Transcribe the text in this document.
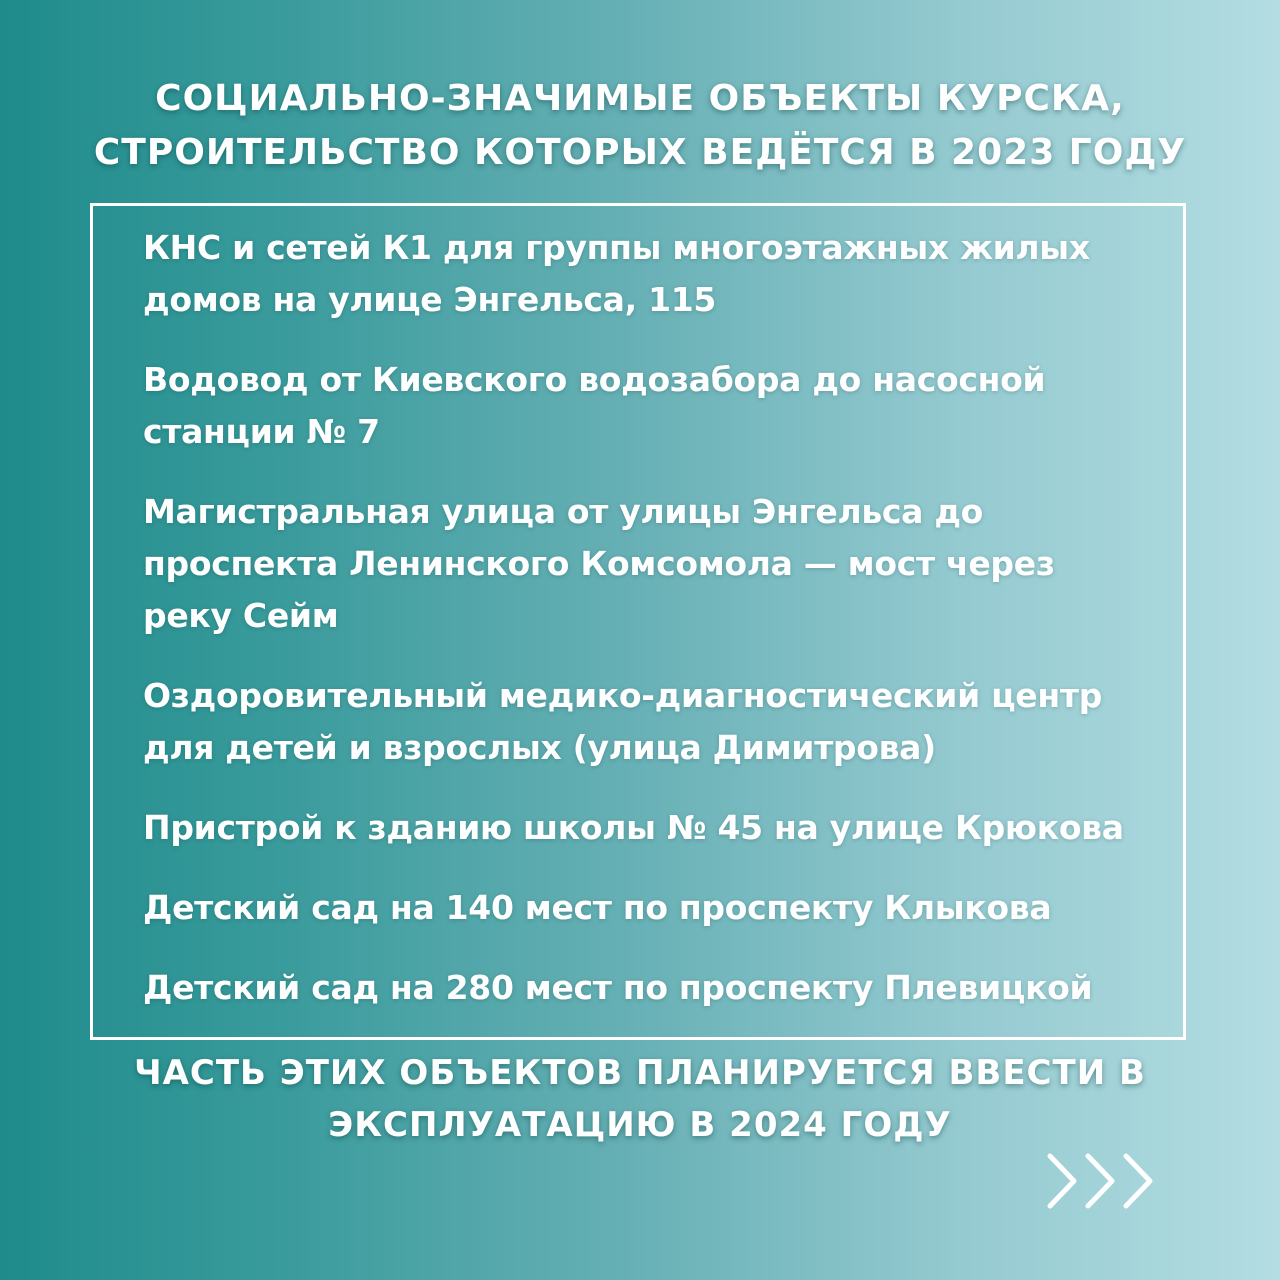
СОЦИАЛЬНО-ЗНАЧИМЫЕ ОБЪЕКТЫ КУРСКА,
СТРОИТЕЛЬСТВО КОТОРЫХ ВЕДЁТСЯ В 2023 ГОДУ
КНС и сетей К1 для группы многоэтажных жилых
домов на улице Энгельса, 115
Водовод от Киевского водозабора до насосной
станции № 7
Магистральная улица от улицы Энгельса до
проспекта Ленинского Комсомола — мост через
реку Сейм
Оздоровительный медико-диагностический центр
для детей и взрослых (улица Димитрова)
Пристрой к зданию школы № 45 на улице Крюкова
Детский сад на 140 мест по проспекту Клыкова
Детский сад на 280 мест по проспекту Плевицкой
ЧАСТЬ ЭТИХ ОБЪЕКТОВ ПЛАНИРУЕТСЯ ВВЕСТИ В
ЭКСПЛУАТАЦИЮ В 2024 ГОДУ
